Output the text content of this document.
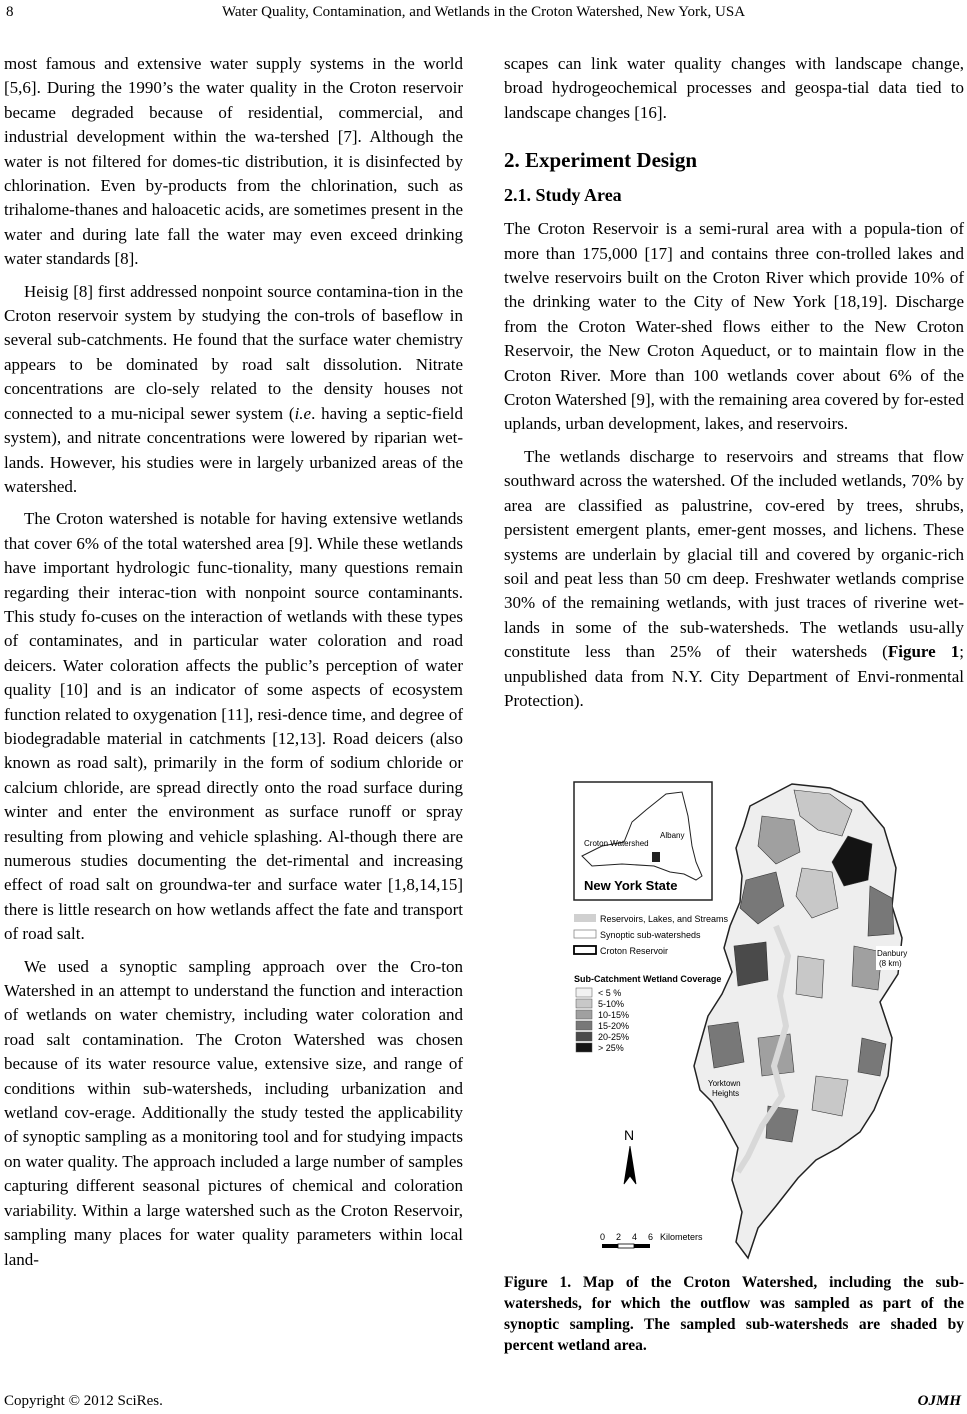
8	Water Quality, Contamination, and Wetlands in the Croton Watershed, New York, USA

most famous and extensive water supply systems in the world [5,6]. During the 1990’s the water quality in the Croton reservoir became degraded because of residential, commercial, and industrial development within the wa-tershed [7]. Although the water is not filtered for domes-tic distribution, it is disinfected by chlorination. Even by-products from the chlorination, such as trihalome-thanes and haloacetic acids, are sometimes present in the water and during late fall the water may even exceed drinking water standards [8].

Heisig [8] first addressed nonpoint source contamina-tion in the Croton reservoir system by studying the con-trols of baseflow in several sub-catchments. He found that the surface water chemistry appears to be dominated by road salt dissolution. Nitrate concentrations are clo-sely related to the density houses not connected to a mu-nicipal sewer system (i.e. having a septic-field system), and nitrate concentrations were lowered by riparian wet-lands. However, his studies were in largely urbanized areas of the watershed.

The Croton watershed is notable for having extensive wetlands that cover 6% of the total watershed area [9]. While these wetlands have important hydrologic func-tionality, many questions remain regarding their interac-tion with nonpoint source contaminants. This study fo-cuses on the interaction of wetlands with these types of contaminates, and in particular water coloration and road deicers. Water coloration affects the public’s perception of water quality [10] and is an indicator of some aspects of ecosystem function related to oxygenation [11], resi-dence time, and degree of biodegradable material in catchments [12,13]. Road deicers (also known as road salt), primarily in the form of sodium chloride or calcium chloride, are spread directly onto the road surface during winter and enter the environment as surface runoff or spray resulting from plowing and vehicle splashing. Al-though there are numerous studies documenting the det-rimental and increasing effect of road salt on groundwa-ter and surface water [1,8,14,15] there is little research on how wetlands affect the fate and transport of road salt.

We used a synoptic sampling approach over the Cro-ton Watershed in an attempt to understand the function and interaction of wetlands on water chemistry, including water coloration and road salt contamination. The Croton Watershed was chosen because of its water resource value, extensive size, and range of conditions within sub-watersheds, including urbanization and wetland cov-erage. Additionally the study tested the applicability of synoptic sampling as a monitoring tool and for studying impacts on water quality. The approach included a large number of samples capturing different seasonal pictures of chemical and coloration variability. Within a large watershed such as the Croton Reservoir, sampling many places for water quality parameters within local land-

scapes can link water quality changes with landscape change, broad hydrogeochemical processes and geospa-tial data tied to landscape changes [16].

2. Experiment Design
2.1. Study Area

The Croton Reservoir is a semi-rural area with a popula-tion of more than 175,000 [17] and contains three con-trolled lakes and twelve reservoirs built on the Croton River which provide 10% of the drinking water to the City of New York [18,19]. Discharge from the Croton Water-shed flows either to the New Croton Reservoir, the New Croton Aqueduct, or to maintain flow in the Croton River. More than 100 wetlands cover about 6% of the Croton Watershed [9], with the remaining area covered by for-ested uplands, urban development, lakes, and reservoirs.

The wetlands discharge to reservoirs and streams that flow southward across the watershed. Of the included wetlands, 70% by area are classified as palustrine, cov-ered by trees, shrubs, persistent emergent plants, emer-gent mosses, and lichens. These systems are underlain by glacial till and covered by organic-rich soil and peat less than 50 cm deep. Freshwater wetlands comprise 30% of the remaining wetlands, with just traces of riverine wet-lands in some of the sub-watersheds. The wetlands usu-ally constitute less than 25% of their watersheds (Figure 1; unpublished data from N.Y. City Department of Envi-ronmental Protection).

Albany
Croton Watershed
New York State
Reservoirs, Lakes, and Streams
Synoptic sub-watersheds
Croton Reservoir
Sub-Catchment Wetland Coverage
< 5 %
5-10%
10-15%
15-20%
20-25%
> 25%
Danbury
(8 km)
Yorktown
Heights
N
0 2 4 6 Kilometers
Figure 1. Map of the Croton Watershed, including the sub-watersheds, for which the outflow was sampled as part of the synoptic sampling. The sampled sub-watersheds are shaded by percent wetland area.
Copyright © 2012 SciRes.	OJMH
